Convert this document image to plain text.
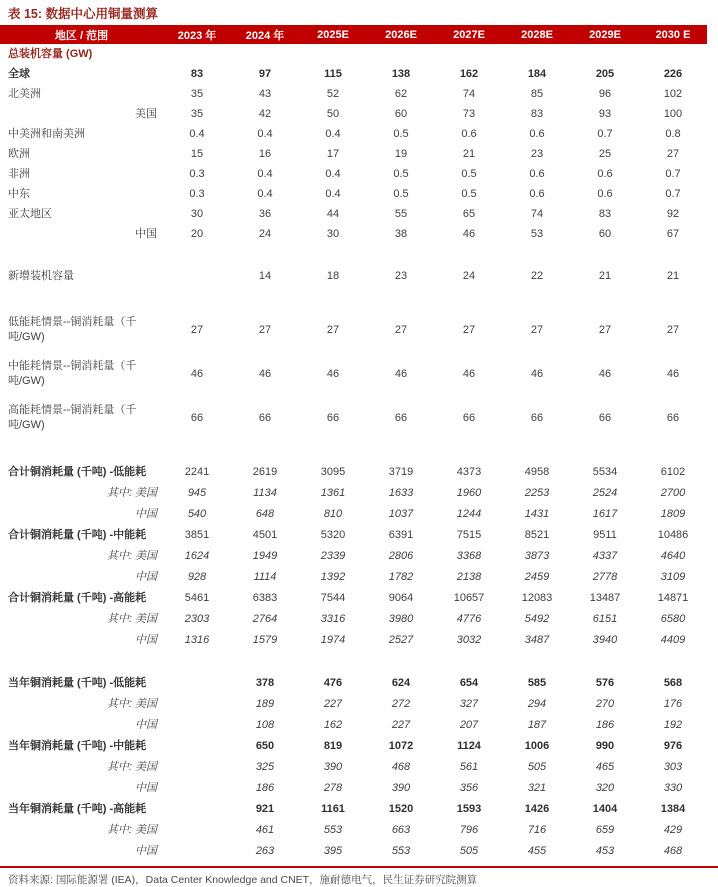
表 15: 数据中心用铜量测算
地区 / 范围	2023 年	2024 年	2025E	2026E	2027E	2028E	2029E	2030 E
总装机容量 (GW)								
全球	83	97	115	138	162	184	205	226
北美洲	35	43	52	62	74	85	96	102
美国	35	42	50	60	73	83	93	100
中美洲和南美洲	0.4	0.4	0.4	0.5	0.6	0.6	0.7	0.8
欧洲	15	16	17	19	21	23	25	27
非洲	0.3	0.4	0.4	0.5	0.5	0.6	0.6	0.7
中东	0.3	0.4	0.4	0.5	0.5	0.6	0.6	0.7
亚太地区	30	36	44	55	65	74	83	92
中国	20	24	30	38	46	53	60	67

新增装机容量		14	18	23	24	22	21	21

低能耗情景--铜消耗量（千吨/GW)	27	27	27	27	27	27	27	27
中能耗情景--铜消耗量（千吨/GW)	46	46	46	46	46	46	46	46
高能耗情景--铜消耗量（千吨/GW)	66	66	66	66	66	66	66	66

合计铜消耗量 (千吨) -低能耗	2241	2619	3095	3719	4373	4958	5534	6102
其中: 美国	945	1134	1361	1633	1960	2253	2524	2700
中国	540	648	810	1037	1244	1431	1617	1809
合计铜消耗量 (千吨) -中能耗	3851	4501	5320	6391	7515	8521	9511	10486
其中: 美国	1624	1949	2339	2806	3368	3873	4337	4640
中国	928	1114	1392	1782	2138	2459	2778	3109
合计铜消耗量 (千吨) -高能耗	5461	6383	7544	9064	10657	12083	13487	14871
其中: 美国	2303	2764	3316	3980	4776	5492	6151	6580
中国	1316	1579	1974	2527	3032	3487	3940	4409

当年铜消耗量 (千吨) -低能耗		378	476	624	654	585	576	568
其中: 美国		189	227	272	327	294	270	176
中国		108	162	227	207	187	186	192
当年铜消耗量 (千吨) -中能耗		650	819	1072	1124	1006	990	976
其中: 美国		325	390	468	561	505	465	303
中国		186	278	390	356	321	320	330
当年铜消耗量 (千吨) -高能耗		921	1161	1520	1593	1426	1404	1384
其中: 美国		461	553	663	796	716	659	429
中国		263	395	553	505	455	453	468
资料来源: 国际能源署 (IEA)，Data Center Knowledge and CNET，施耐德电气，民生证券研究院测算
